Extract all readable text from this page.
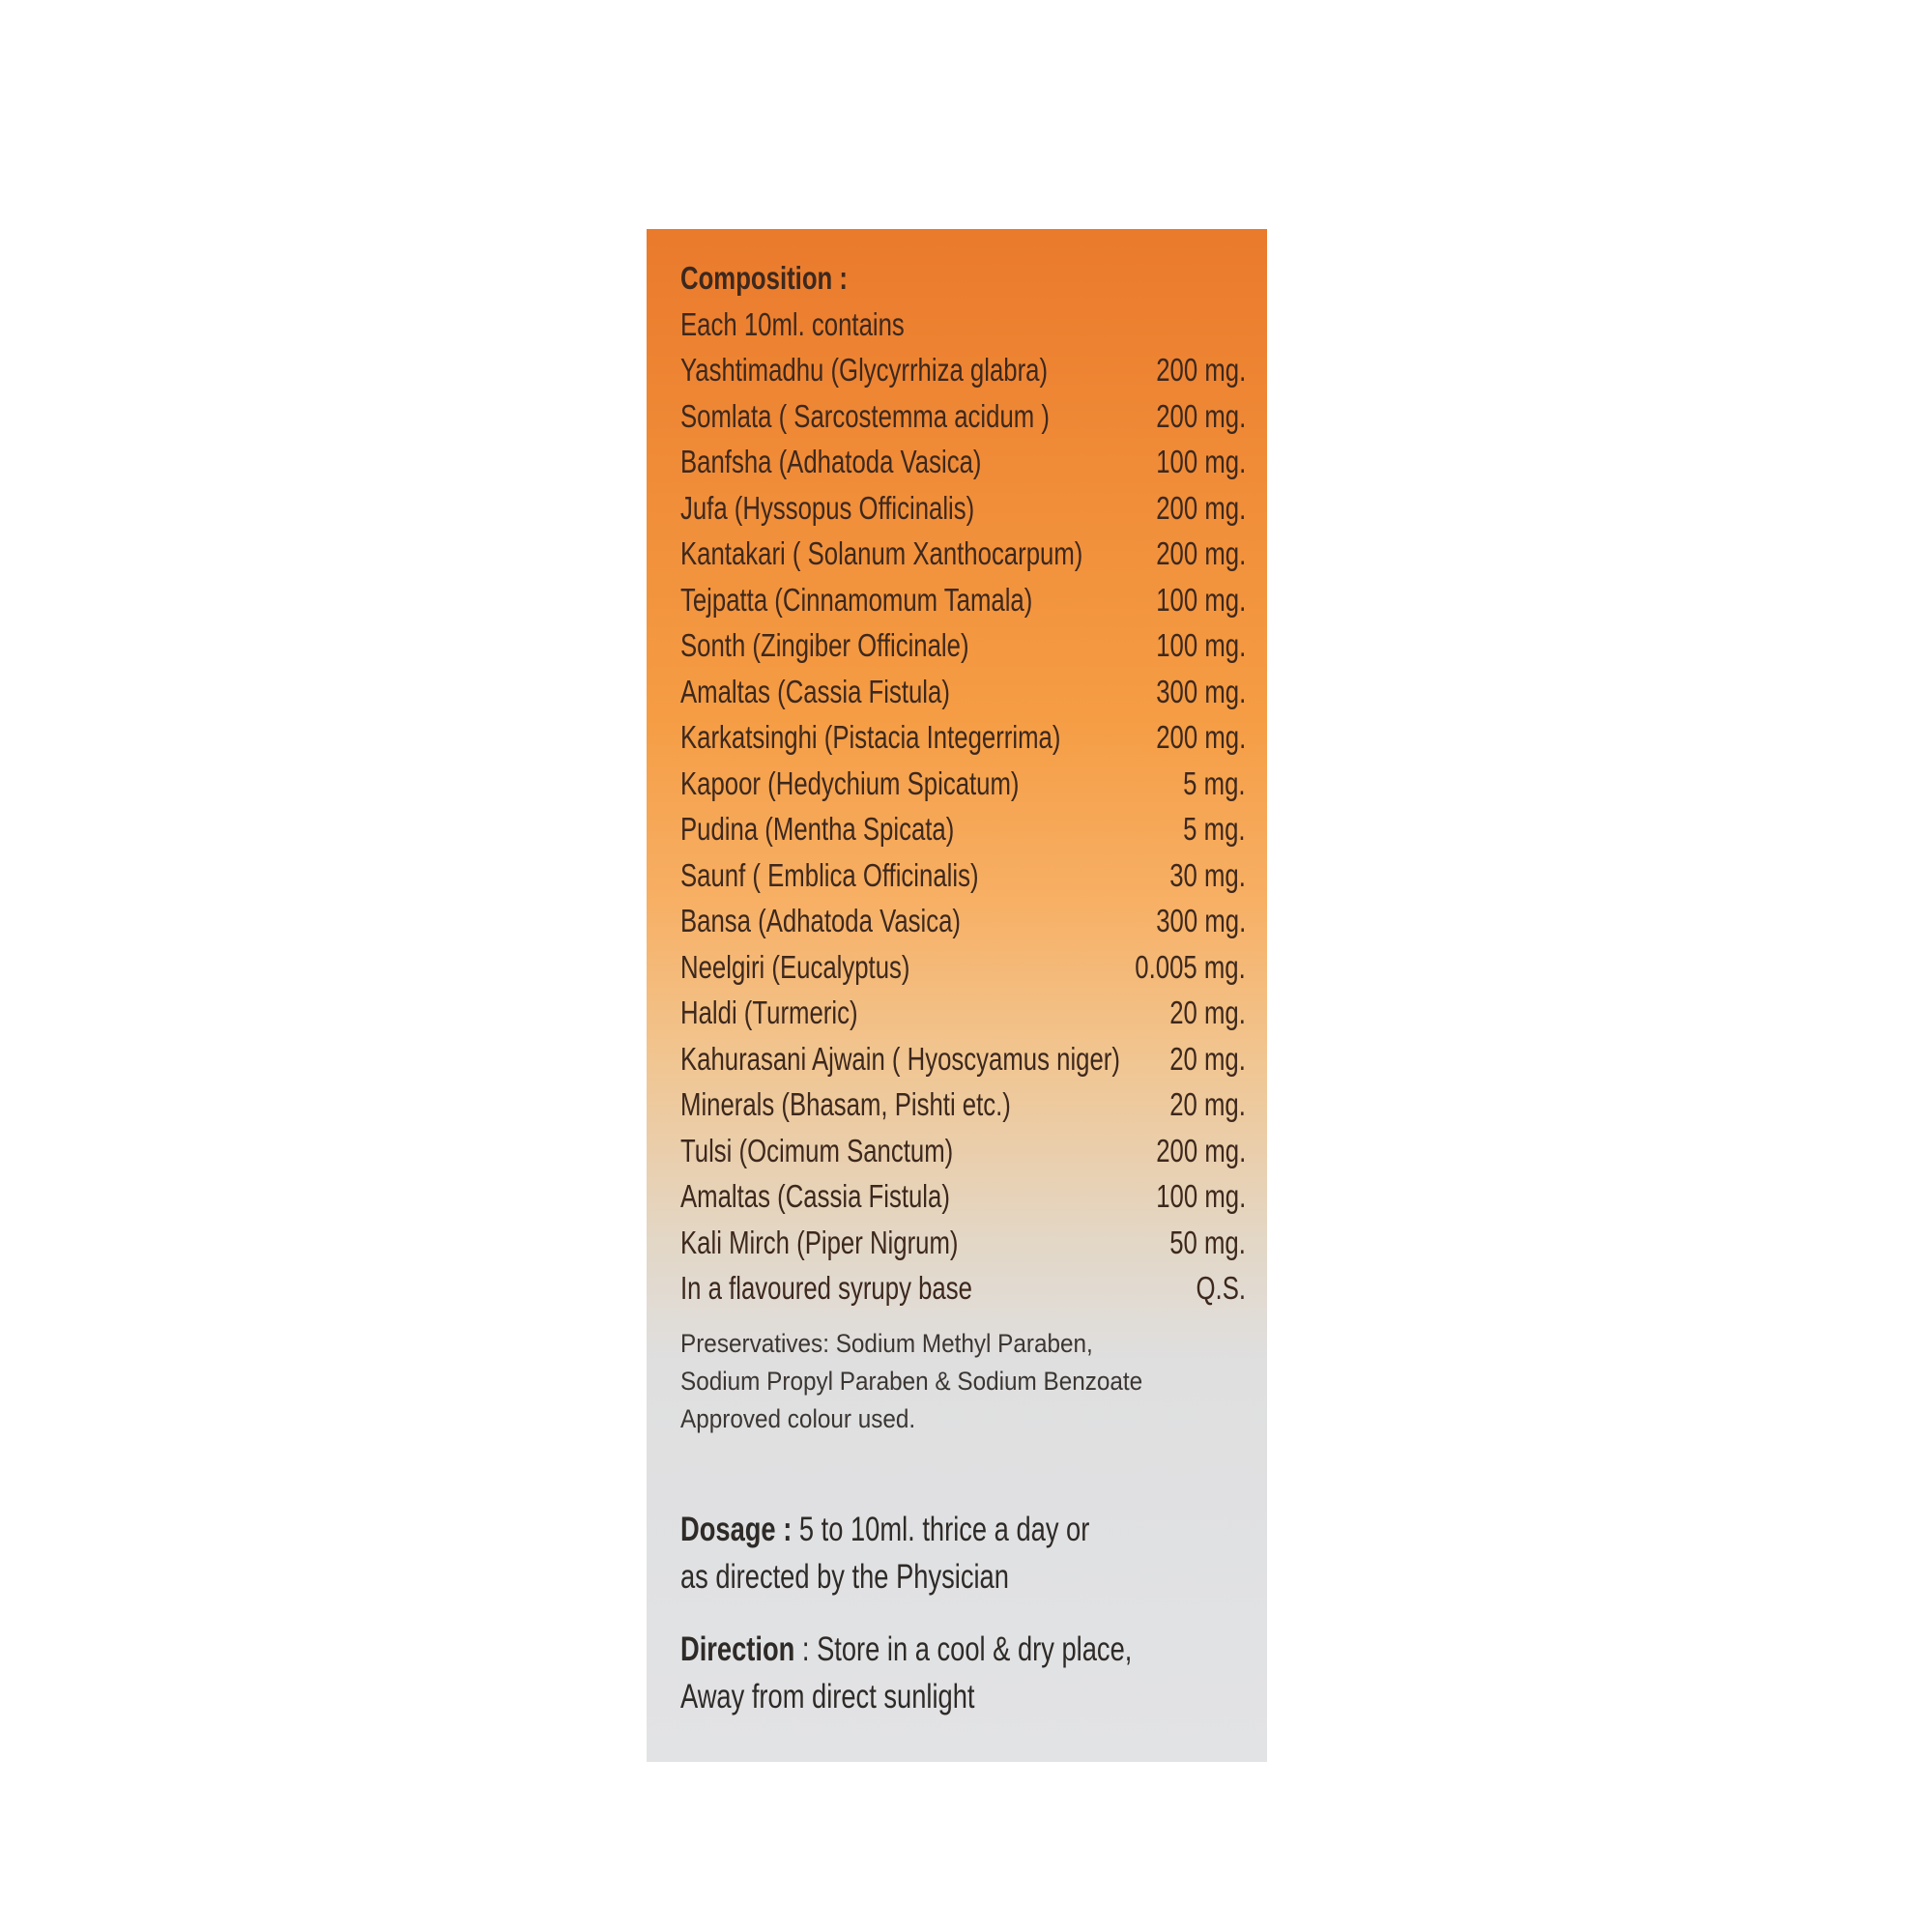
Composition :
Each 10ml. contains
Yashtimadhu (Glycyrrhiza glabra)	200 mg.
Somlata ( Sarcostemma acidum )	200 mg.
Banfsha (Adhatoda Vasica)	100 mg.
Jufa (Hyssopus Officinalis)	200 mg.
Kantakari ( Solanum Xanthocarpum) 200 mg.
Tejpatta (Cinnamomum Tamala)	100 mg.
Sonth (Zingiber Officinale)	100 mg.
Amaltas (Cassia Fistula)	300 mg.
Karkatsinghi (Pistacia Integerrima)	200 mg.
Kapoor (Hedychium Spicatum)	5 mg.
Pudina (Mentha Spicata)	5 mg.
Saunf ( Emblica Officinalis)	30 mg.
Bansa (Adhatoda Vasica)	300 mg.
Neelgiri (Eucalyptus)	0.005 mg.
Haldi (Turmeric)	20 mg.
Kahurasani Ajwain ( Hyoscyamus niger) 20 mg.
Minerals (Bhasam, Pishti etc.)	20 mg.
Tulsi (Ocimum Sanctum)	200 mg.
Amaltas (Cassia Fistula)	100 mg.
Kali Mirch (Piper Nigrum)	50 mg.
In a flavoured syrupy base	Q.S.
Preservatives: Sodium Methyl Paraben,
Sodium Propyl Paraben & Sodium Benzoate
Approved colour used.
Dosage : 5 to 10ml. thrice a day or
as directed by the Physician
Direction : Store in a cool & dry place,
Away from direct sunlight
